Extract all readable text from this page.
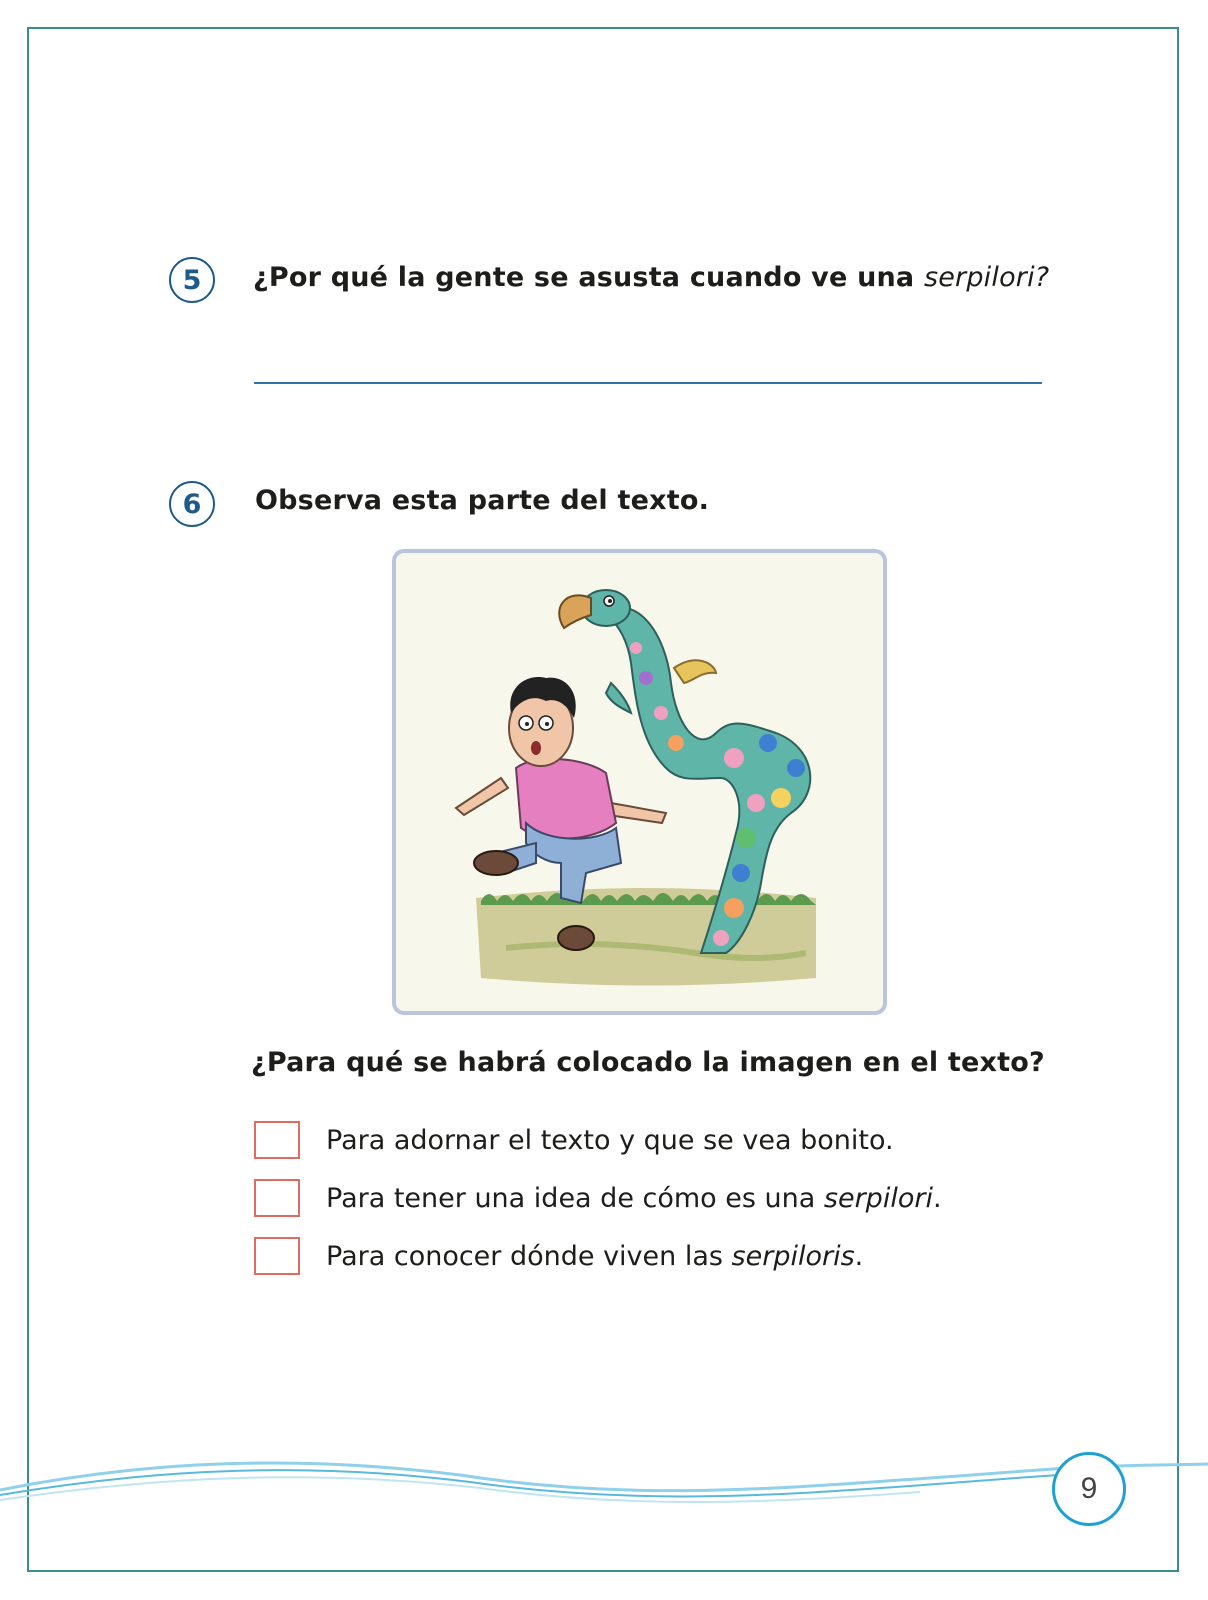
5 ¿Por qué la gente se asusta cuando ve una serpilori?
6 Observa esta parte del texto.
¿Para qué se habrá colocado la imagen en el texto?
Para adornar el texto y que se vea bonito.
Para tener una idea de cómo es una serpilori.
Para conocer dónde viven las serpiloris.
9
